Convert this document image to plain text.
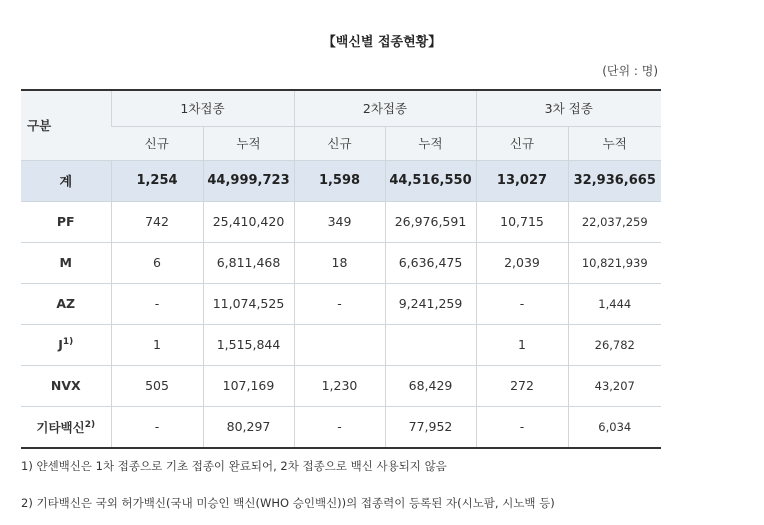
【백신별 접종현황】
(단위 : 명)
구분	1차접종		2차접종		3차 접종	
	신규	누적	신규	누적	신규	누적
계	1,254	44,999,723	1,598	44,516,550	13,027	32,936,665
PF	742	25,410,420	349	26,976,591	10,715	22,037,259
M	6	6,811,468	18	6,636,475	2,039	10,821,939
AZ	-	11,074,525	-	9,241,259	-	1,444
$J^{1)}$	1	1,515,844			1	26,782
NVX	505	107,169	1,230	68,429	272	43,207
기타백신$^{2)}$	-	80,297	-	77,952	-	6,034
1) 얀센백신은 1차 접종으로 기초 접종이 완료되어, 2차 접종으로 백신 사용되지 않음
2) 기타백신은 국외 허가백신(국내 미승인 백신(WHO 승인백신))의 접종력이 등록된 자(시노팜, 시노백 등)
